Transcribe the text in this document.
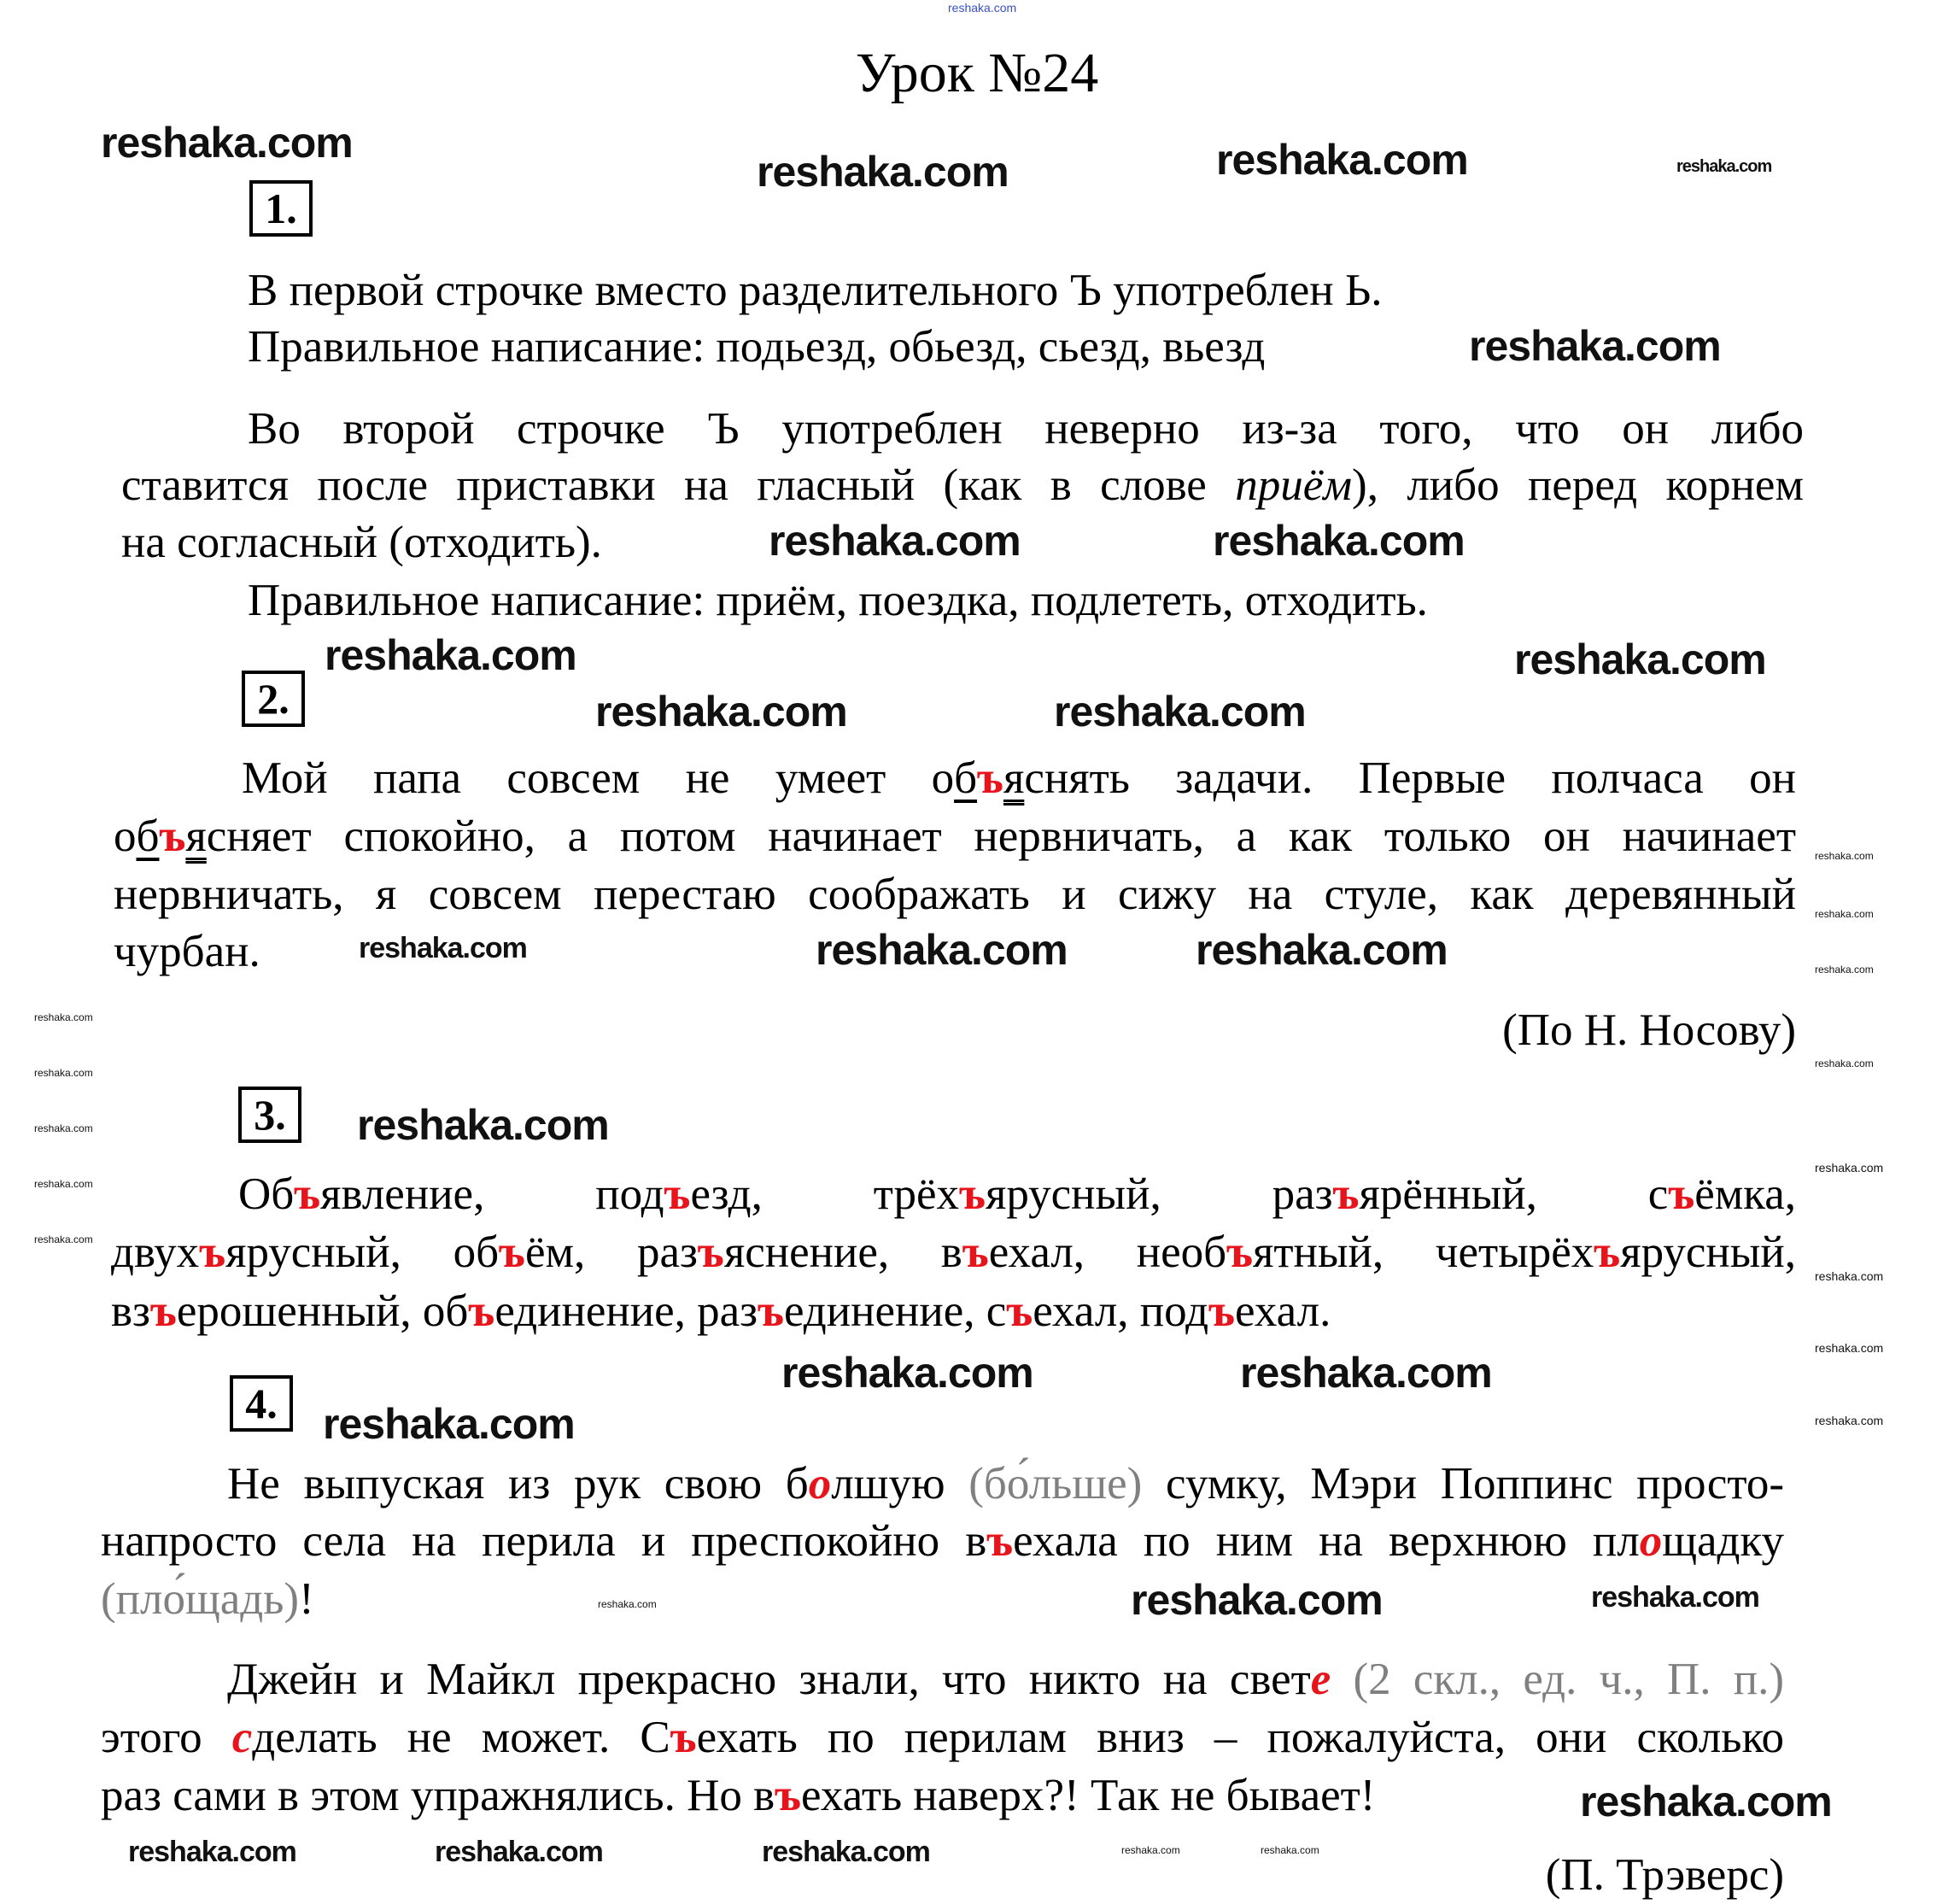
reshaka.com
Урок №24
1.
В первой строчке вместо разделительного Ъ употреблен Ь.
Правильное написание: подьезд, обьезд, сьезд, вьезд
Во второй строчке Ъ употреблен неверно из-за того, что он либо
ставится после приставки на гласный (как в слове приём), либо перед корнем
на согласный (отходить).
Правильное написание: приём, поездка, подлететь, отходить.
2.
Мой папа совсем не умеет объяснять задачи. Первые полчаса он
объясняет спокойно, а потом начинает нервничать, а как только он начинает
нервничать, я совсем перестаю соображать и сижу на стуле, как деревянный
чурбан.
(По Н. Носову)
3.
Объявление, подъезд, трёхъярусный, разъярённый, съёмка,
двухъярусный, объём, разъяснение, въехал, необъятный, четырёхъярусный,
взъерошенный, объединение, разъединение, съехал, подъехал.
4.
Не выпуская из рук свою болшую (бо́льше) сумку, Мэри Поппинс просто-
напросто села на перила и преспокойно въехала по ним на верхнюю площадку
(пло́щадь)!
Джейн и Майкл прекрасно знали, что никто на свете (2 скл., ед. ч., П. п.)
этого сделать не может. Съехать по перилам вниз – пожалуйста, они сколько
раз сами в этом упражнялись. Но въехать наверх?! Так не бывает!
(П. Трэверс)
reshaka.com
reshaka.com	reshaka.com
reshaka.com
reshaka.com	reshaka.com
reshaka.com	reshaka.com
reshaka.com	reshaka.com
reshaka.com	reshaka.com
reshaka.com
reshaka.com	reshaka.com
reshaka.com
reshaka.com
reshaka.com
reshaka.com
reshaka.com
reshaka.com	reshaka.com
reshaka.com
reshaka.com
reshaka.com
reshaka.com
reshaka.com
reshaka.com
reshaka.com
reshaka.com
reshaka.com
reshaka.com
reshaka.com
reshaka.com
reshaka.com
reshaka.com
reshaka.com
reshaka.com
reshaka.com	reshaka.com
